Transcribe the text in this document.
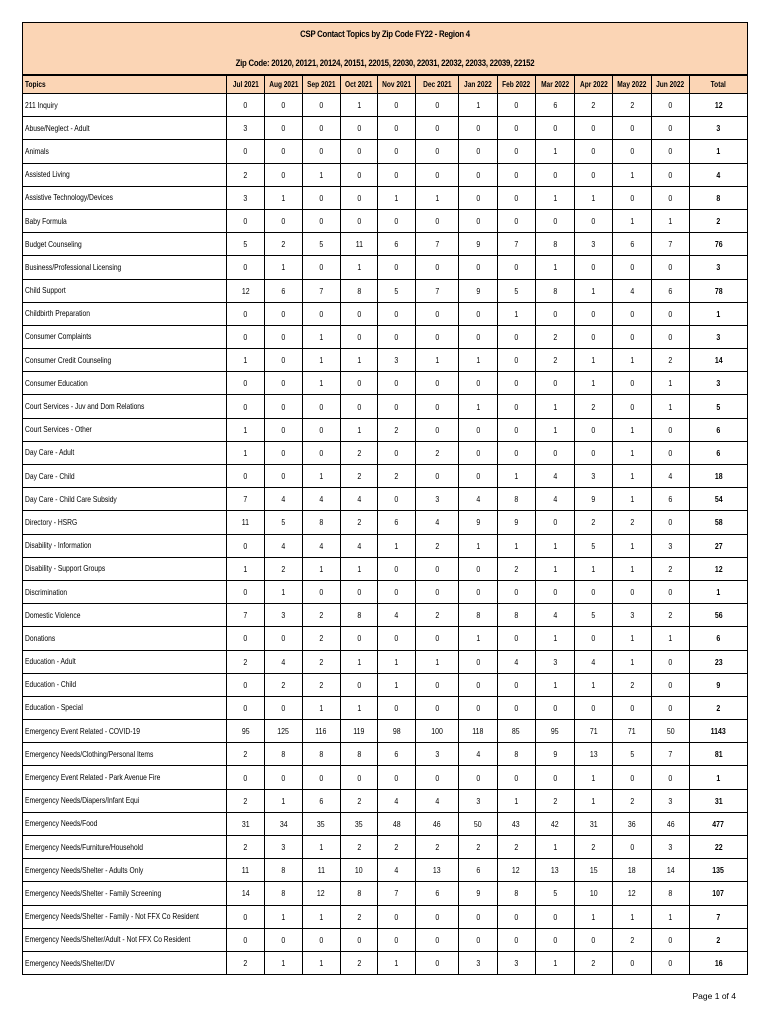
CSP Contact Topics by Zip Code FY22 - Region 4
Zip Code: 20120, 20121, 20124, 20151, 22015, 22030, 22031, 22032, 22033, 22039, 22152
Topics	Jul 2021	Aug 2021	Sep 2021	Oct 2021	Nov 2021	Dec 2021	Jan 2022	Feb 2022	Mar 2022	Apr 2022	May 2022	Jun 2022	Total
211 Inquiry	0	0	0	1	0	0	1	0	6	2	2	0	12
Abuse/Neglect - Adult	3	0	0	0	0	0	0	0	0	0	0	0	3
Animals	0	0	0	0	0	0	0	0	1	0	0	0	1
Assisted Living	2	0	1	0	0	0	0	0	0	0	1	0	4
Assistive Technology/Devices	3	1	0	0	1	1	0	0	1	1	0	0	8
Baby Formula	0	0	0	0	0	0	0	0	0	0	1	1	2
Budget Counseling	5	2	5	11	6	7	9	7	8	3	6	7	76
Business/Professional Licensing	0	1	0	1	0	0	0	0	1	0	0	0	3
Child Support	12	6	7	8	5	7	9	5	8	1	4	6	78
Childbirth Preparation	0	0	0	0	0	0	0	1	0	0	0	0	1
Consumer Complaints	0	0	1	0	0	0	0	0	2	0	0	0	3
Consumer Credit Counseling	1	0	1	1	3	1	1	0	2	1	1	2	14
Consumer Education	0	0	1	0	0	0	0	0	0	1	0	1	3
Court Services - Juv and Dom Relations	0	0	0	0	0	0	1	0	1	2	0	1	5
Court Services - Other	1	0	0	1	2	0	0	0	1	0	1	0	6
Day Care - Adult	1	0	0	2	0	2	0	0	0	0	1	0	6
Day Care - Child	0	0	1	2	2	0	0	1	4	3	1	4	18
Day Care - Child Care Subsidy	7	4	4	4	0	3	4	8	4	9	1	6	54
Directory - HSRG	11	5	8	2	6	4	9	9	0	2	2	0	58
Disability - Information	0	4	4	4	1	2	1	1	1	5	1	3	27
Disability - Support Groups	1	2	1	1	0	0	0	2	1	1	1	2	12
Discrimination	0	1	0	0	0	0	0	0	0	0	0	0	1
Domestic Violence	7	3	2	8	4	2	8	8	4	5	3	2	56
Donations	0	0	2	0	0	0	1	0	1	0	1	1	6
Education - Adult	2	4	2	1	1	1	0	4	3	4	1	0	23
Education - Child	0	2	2	0	1	0	0	0	1	1	2	0	9
Education - Special	0	0	1	1	0	0	0	0	0	0	0	0	2
Emergency Event Related - COVID-19	95	125	116	119	98	100	118	85	95	71	71	50	1143
Emergency Needs/Clothing/Personal Items	2	8	8	8	6	3	4	8	9	13	5	7	81
Emergency Event Related - Park Avenue Fire	0	0	0	0	0	0	0	0	0	1	0	0	1
Emergency Needs/Diapers/Infant Equi	2	1	6	2	4	4	3	1	2	1	2	3	31
Emergency Needs/Food	31	34	35	35	48	46	50	43	42	31	36	46	477
Emergency Needs/Furniture/Household	2	3	1	2	2	2	2	2	1	2	0	3	22
Emergency Needs/Shelter - Adults Only	11	8	11	10	4	13	6	12	13	15	18	14	135
Emergency Needs/Shelter - Family Screening	14	8	12	8	7	6	9	8	5	10	12	8	107
Emergency Needs/Shelter - Family - Not FFX Co Resident	0	1	1	2	0	0	0	0	0	1	1	1	7
Emergency Needs/Shelter/Adult - Not FFX Co Resident	0	0	0	0	0	0	0	0	0	0	2	0	2
Emergency Needs/Shelter/DV	2	1	1	2	1	0	3	3	1	2	0	0	16
Page 1 of 4
